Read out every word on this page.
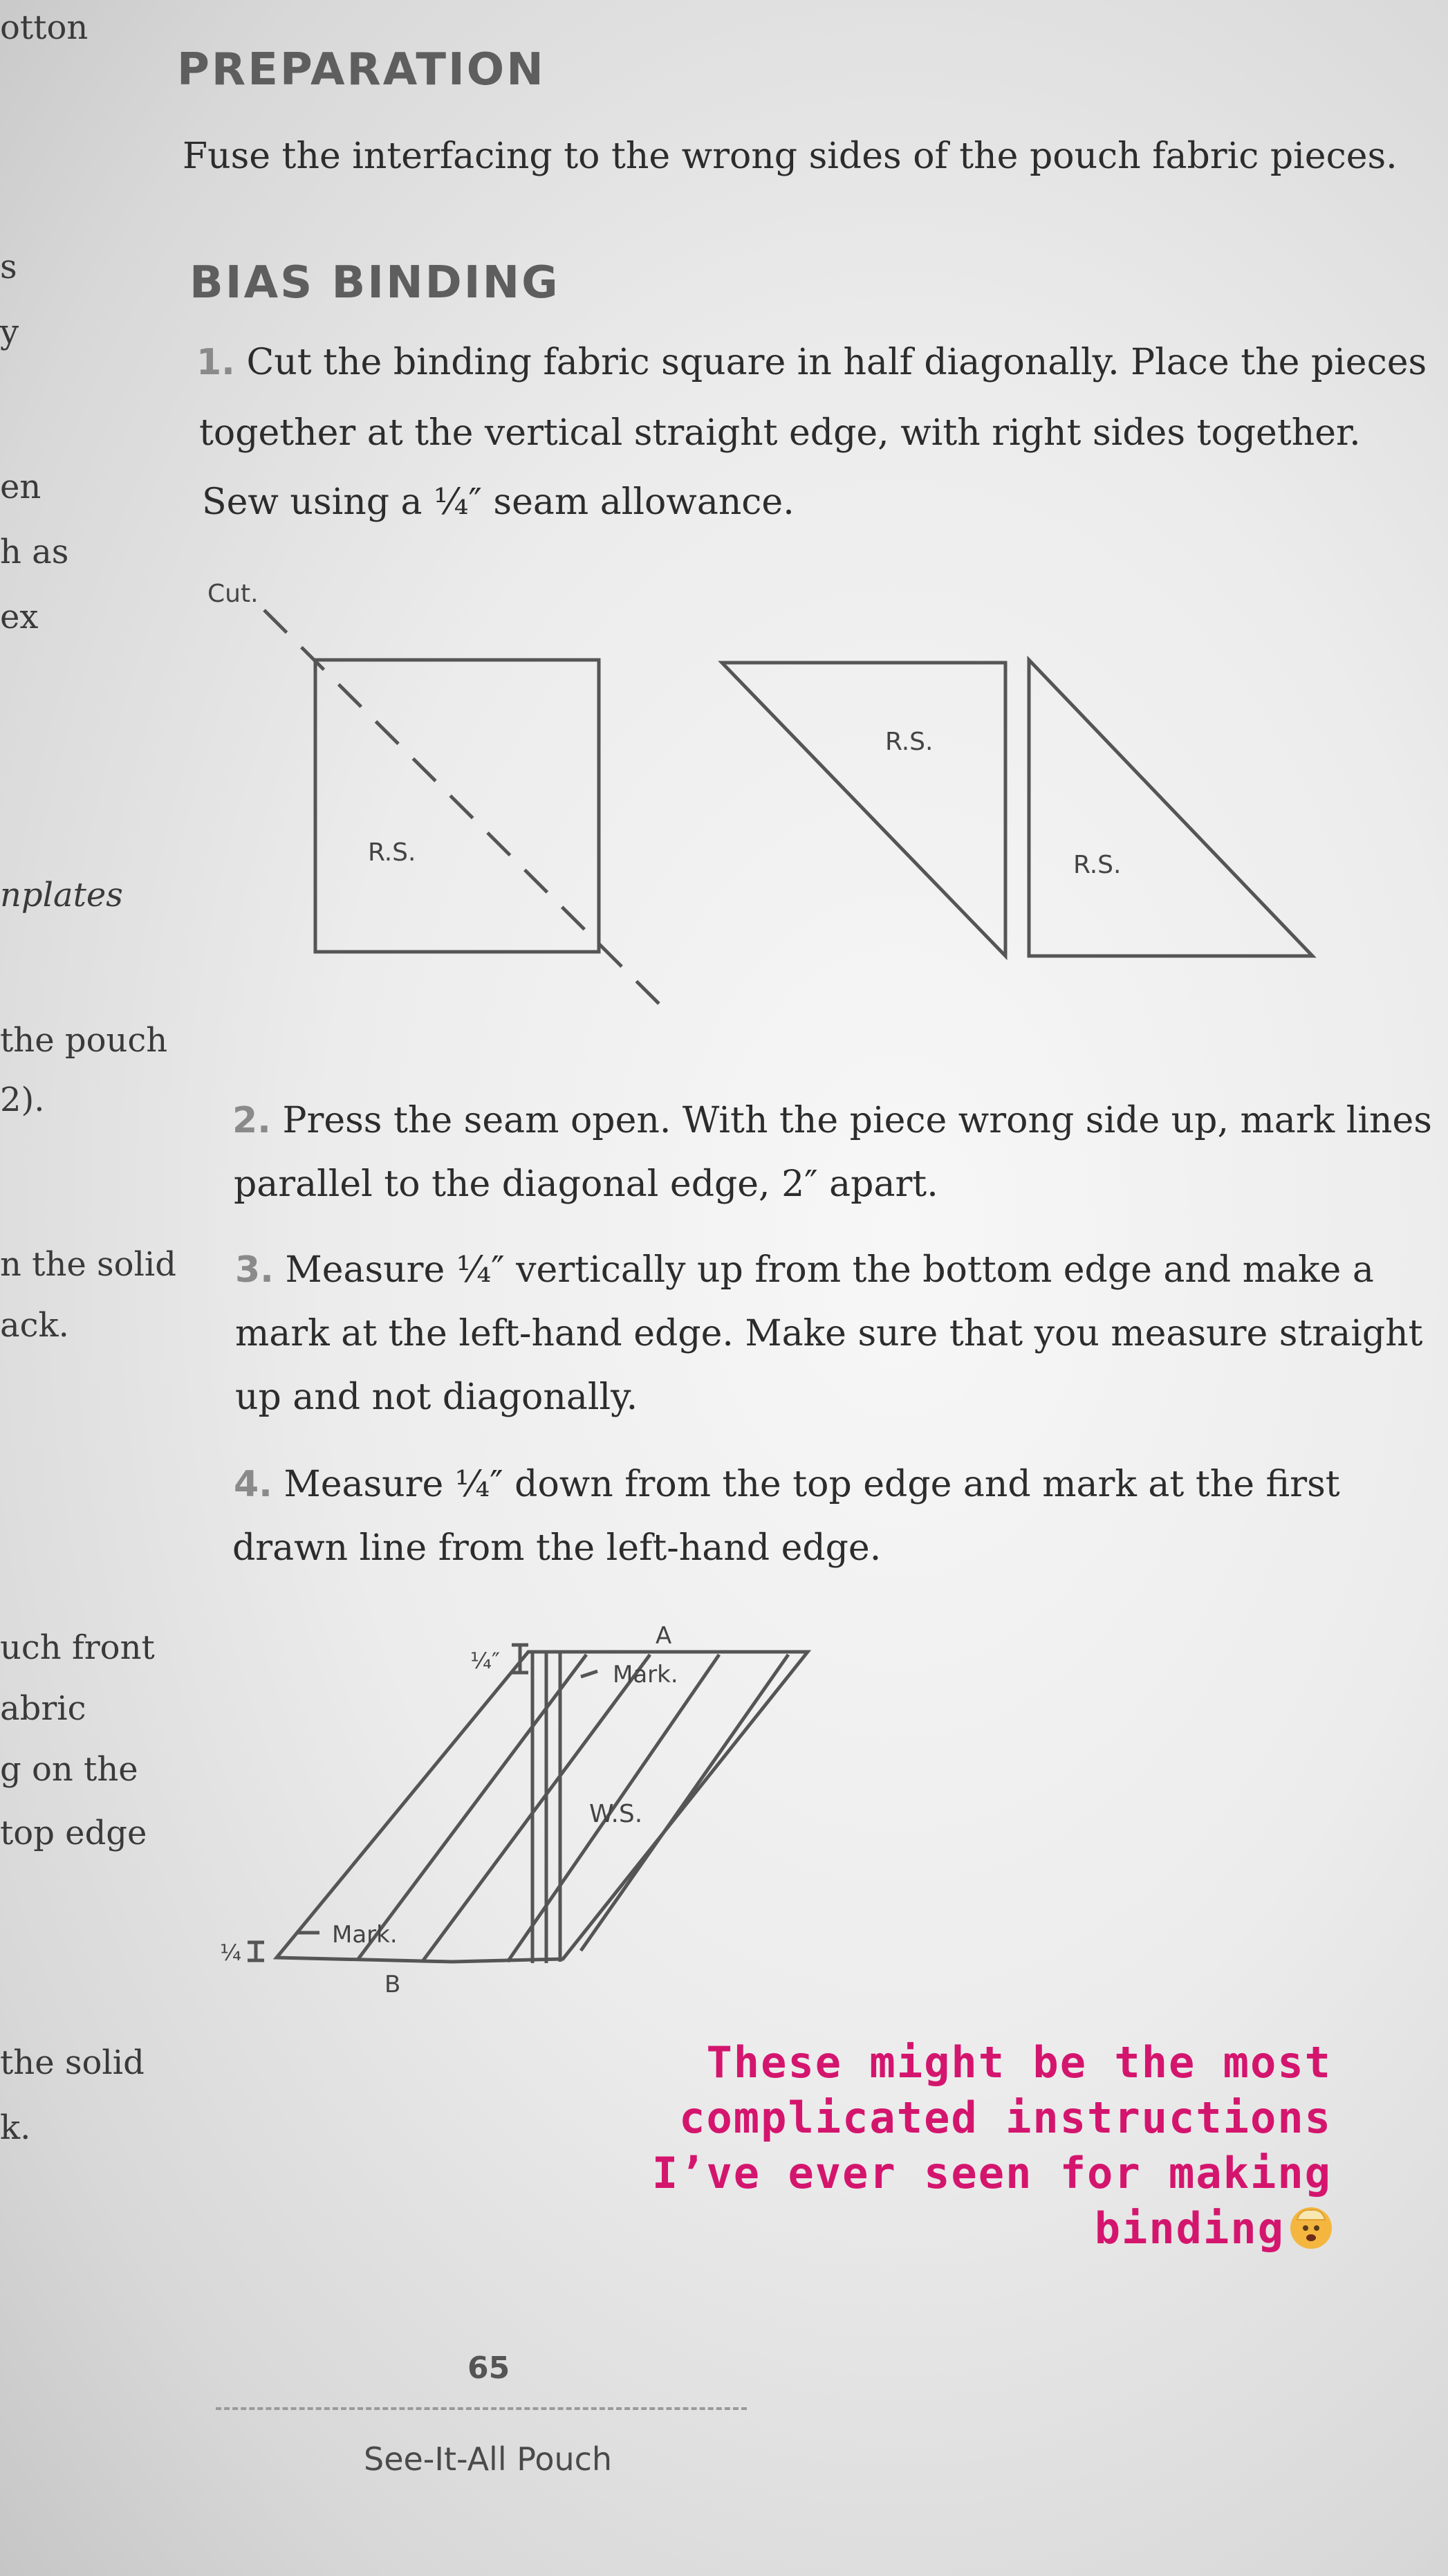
otton
s
y
en
h as
ex
nplates
the pouch
2).
n the solid
ack.
uch front
abric
g on the
top edge
the solid
k.
PREPARATION
Fuse the interfacing to the wrong sides of the pouch fabric pieces.
BIAS BINDING
1. Cut the binding fabric square in half diagonally. Place the pieces
together at the vertical straight edge, with right sides together.
Sew using a ¼″ seam allowance.
Cut.
R.S.
R.S.
R.S.
2. Press the seam open. With the piece wrong side up, mark lines
parallel to the diagonal edge, 2″ apart.
3. Measure ¼″ vertically up from the bottom edge and make a
mark at the left-hand edge. Make sure that you measure straight
up and not diagonally.
4. Measure ¼″ down from the top edge and mark at the first
drawn line from the left-hand edge.
A
B
¼″
¼
Mark.
Mark.
W.S.
These might be the most
complicated instructions
I’ve ever seen for making
binding
65
See-It-All Pouch
